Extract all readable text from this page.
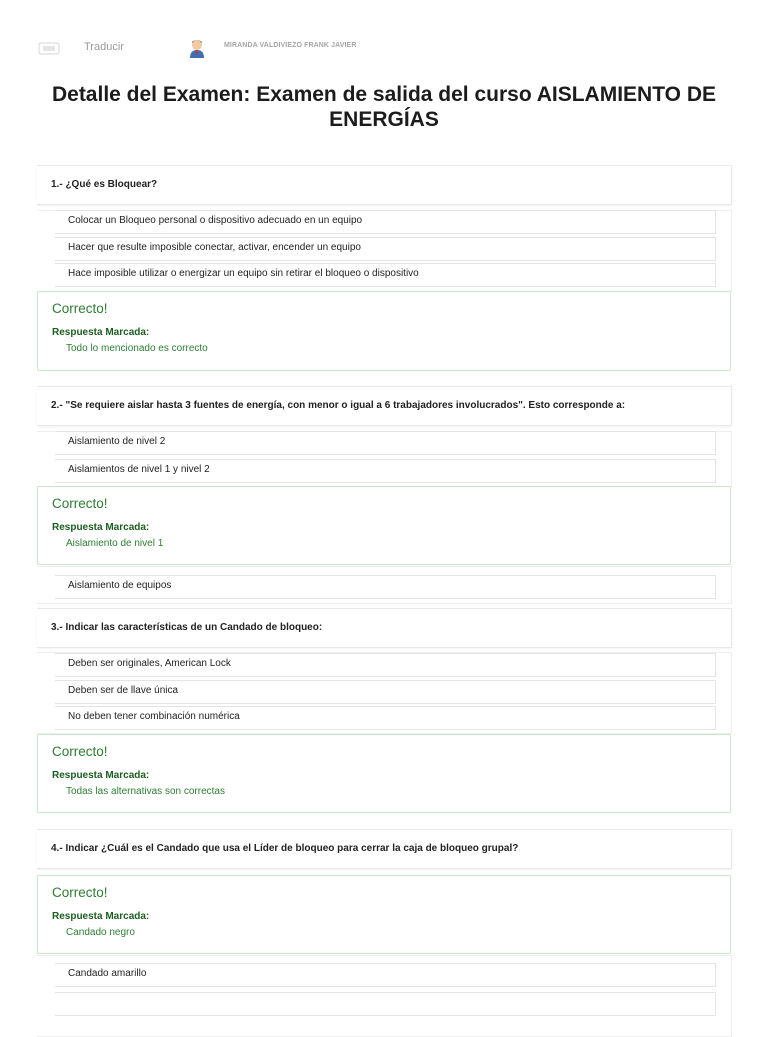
Traducir	MIRANDA VALDIVIEZO FRANK JAVIER
Detalle del Examen: Examen de salida del curso AISLAMIENTO DE ENERGÍAS
1.- ¿Qué es Bloquear?
Colocar un Bloqueo personal o dispositivo adecuado en un equipo
Hacer que resulte imposible conectar, activar, encender un equipo
Hace imposible utilizar o energizar un equipo sin retirar el bloqueo o dispositivo
Correcto!
Respuesta Marcada:
Todo lo mencionado es correcto
2.- "Se requiere aislar hasta 3 fuentes de energía, con menor o igual a 6 trabajadores involucrados". Esto corresponde a:
Aislamiento de nivel 2
Aislamientos de nivel 1 y nivel 2
Correcto!
Respuesta Marcada:
Aislamiento de nivel 1
Aislamiento de equipos
3.- Indicar las características de un Candado de bloqueo:
Deben ser originales, American Lock
Deben ser de llave única
No deben tener combinación numérica
Correcto!
Respuesta Marcada:
Todas las alternativas son correctas
4.- Indicar ¿Cuál es el Candado que usa el Líder de bloqueo para cerrar la caja de bloqueo grupal?
Correcto!
Respuesta Marcada:
Candado negro
Candado amarillo
